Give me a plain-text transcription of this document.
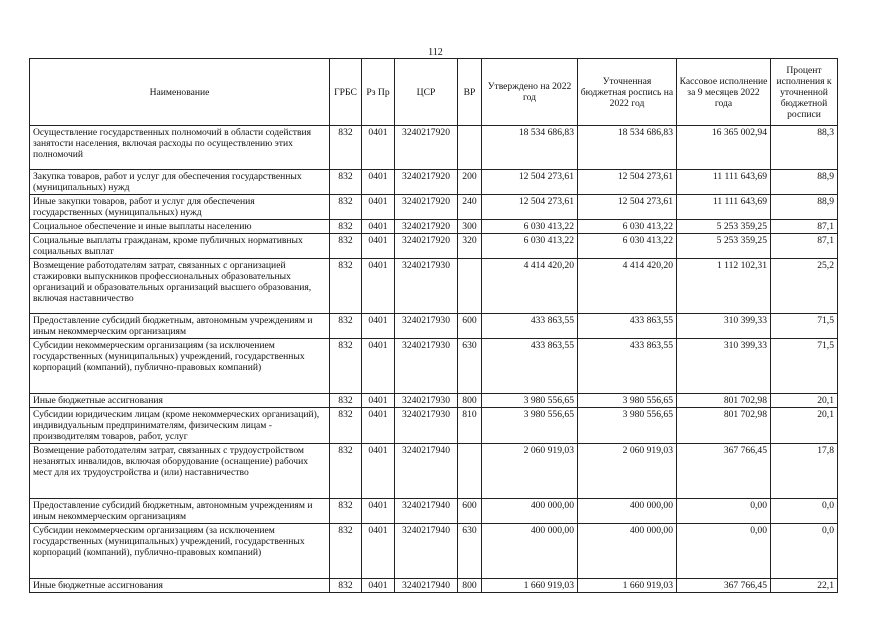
112
Наименование	ГРБС	Рз Пр	ЦСР	ВР	Утверждено на 2022 год	Уточненная бюджетная роспись на 2022 год	Кассовое исполнение за 9 месяцев 2022 года	Процент исполнения к уточненной бюджетной росписи
Осуществление государственных полномочий в области содействия занятости населения, включая расходы по осуществлению этих полномочий	832	0401	3240217920		18 534 686,83	18 534 686,83	16 365 002,94	88,3
Закупка товаров, работ и услуг для обеспечения государственных (муниципальных) нужд	832	0401	3240217920	200	12 504 273,61	12 504 273,61	11 111 643,69	88,9
Иные закупки товаров, работ и услуг для обеспечения государственных (муниципальных) нужд	832	0401	3240217920	240	12 504 273,61	12 504 273,61	11 111 643,69	88,9
Социальное обеспечение и иные выплаты населению	832	0401	3240217920	300	6 030 413,22	6 030 413,22	5 253 359,25	87,1
Социальные выплаты гражданам, кроме публичных нормативных социальных выплат	832	0401	3240217920	320	6 030 413,22	6 030 413,22	5 253 359,25	87,1
Возмещение работодателям затрат, связанных с организацией стажировки выпускников профессиональных образовательных организаций и образовательных организаций высшего образования, включая наставничество	832	0401	3240217930		4 414 420,20	4 414 420,20	1 112 102,31	25,2
Предоставление субсидий бюджетным, автономным учреждениям и иным некоммерческим организациям	832	0401	3240217930	600	433 863,55	433 863,55	310 399,33	71,5
Субсидии некоммерческим организациям (за исключением государственных (муниципальных) учреждений, государственных корпораций (компаний), публично-правовых компаний)	832	0401	3240217930	630	433 863,55	433 863,55	310 399,33	71,5
Иные бюджетные ассигнования	832	0401	3240217930	800	3 980 556,65	3 980 556,65	801 702,98	20,1
Субсидии юридическим лицам (кроме некоммерческих организаций), индивидуальным предпринимателям, физическим лицам - производителям товаров, работ, услуг	832	0401	3240217930	810	3 980 556,65	3 980 556,65	801 702,98	20,1
Возмещение работодателям затрат, связанных с трудоустройством незанятых инвалидов, включая оборудование (оснащение) рабочих мест для их трудоустройства и (или) наставничество	832	0401	3240217940		2 060 919,03	2 060 919,03	367 766,45	17,8
Предоставление субсидий бюджетным, автономным учреждениям и иным некоммерческим организациям	832	0401	3240217940	600	400 000,00	400 000,00	0,00	0,0
Субсидии некоммерческим организациям (за исключением государственных (муниципальных) учреждений, государственных корпораций (компаний), публично-правовых компаний)	832	0401	3240217940	630	400 000,00	400 000,00	0,00	0,0
Иные бюджетные ассигнования	832	0401	3240217940	800	1 660 919,03	1 660 919,03	367 766,45	22,1
